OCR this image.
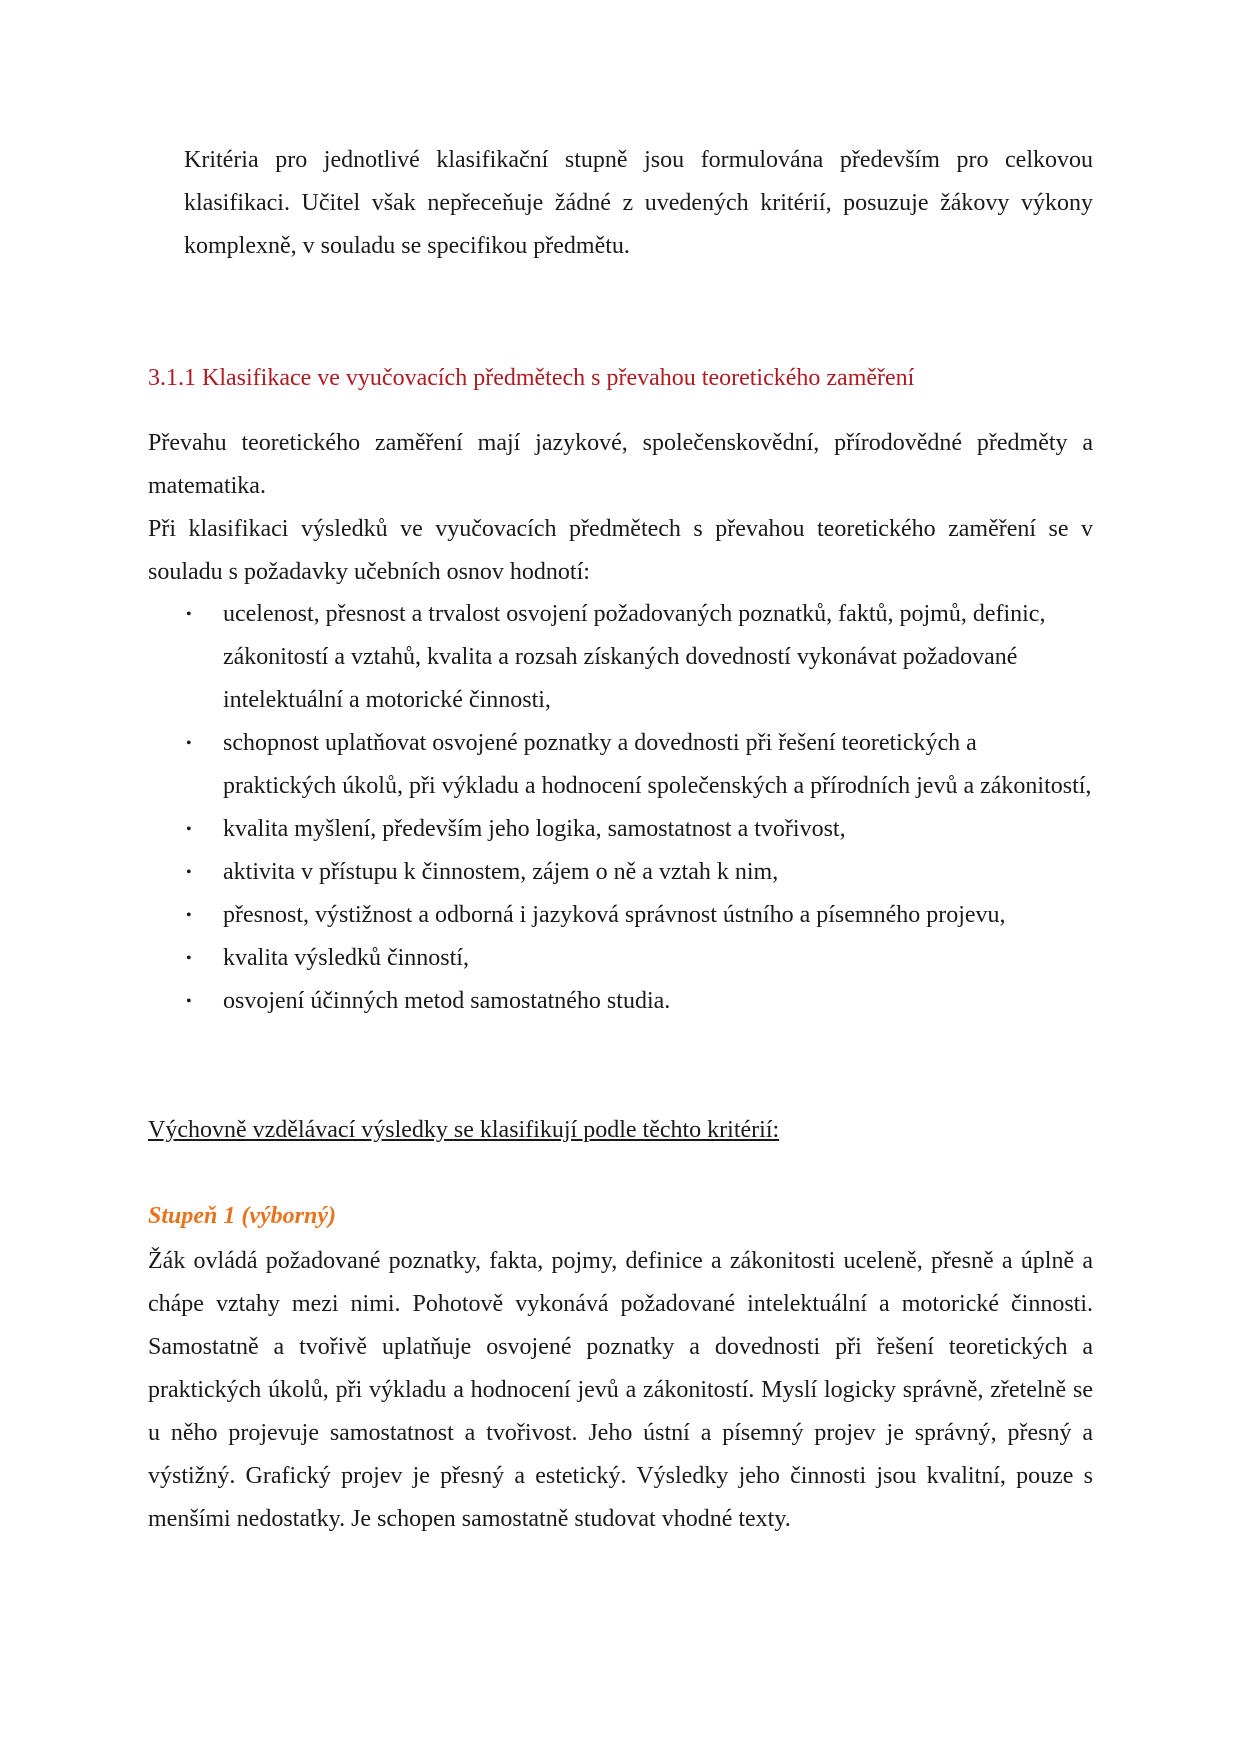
Kritéria pro jednotlivé klasifikační stupně jsou formulována především pro celkovou klasifikaci. Učitel však nepřeceňuje žádné z uvedených kritérií, posuzuje žákovy výkony komplexně, v souladu se specifikou předmětu.

3.1.1 Klasifikace ve vyučovacích předmětech s převahou teoretického zaměření

Převahu teoretického zaměření mají jazykové, společenskovědní, přírodovědné předměty a matematika.

Při klasifikaci výsledků ve vyučovacích předmětech s převahou teoretického zaměření se v souladu s požadavky učebních osnov hodnotí:

• ucelenost, přesnost a trvalost osvojení požadovaných poznatků, faktů, pojmů, definic, zákonitostí a vztahů, kvalita a rozsah získaných dovedností vykonávat požadované intelektuální a motorické činnosti,
• schopnost uplatňovat osvojené poznatky a dovednosti při řešení teoretických a praktických úkolů, při výkladu a hodnocení společenských a přírodních jevů a zákonitostí,
• kvalita myšlení, především jeho logika, samostatnost a tvořivost,
• aktivita v přístupu k činnostem, zájem o ně a vztah k nim,
• přesnost, výstižnost a odborná i jazyková správnost ústního a písemného projevu,
• kvalita výsledků činností,
• osvojení účinných metod samostatného studia.

Výchovně vzdělávací výsledky se klasifikují podle těchto kritérií:

Stupeň 1 (výborný)

Žák ovládá požadované poznatky, fakta, pojmy, definice a zákonitosti uceleně, přesně a úplně a chápe vztahy mezi nimi. Pohotově vykonává požadované intelektuální a motorické činnosti. Samostatně a tvořivě uplatňuje osvojené poznatky a dovednosti při řešení teoretických a praktických úkolů, při výkladu a hodnocení jevů a zákonitostí. Myslí logicky správně, zřetelně se u něho projevuje samostatnost a tvořivost. Jeho ústní a písemný projev je správný, přesný a výstižný. Grafický projev je přesný a estetický. Výsledky jeho činnosti jsou kvalitní, pouze s menšími nedostatky. Je schopen samostatně studovat vhodné texty.
